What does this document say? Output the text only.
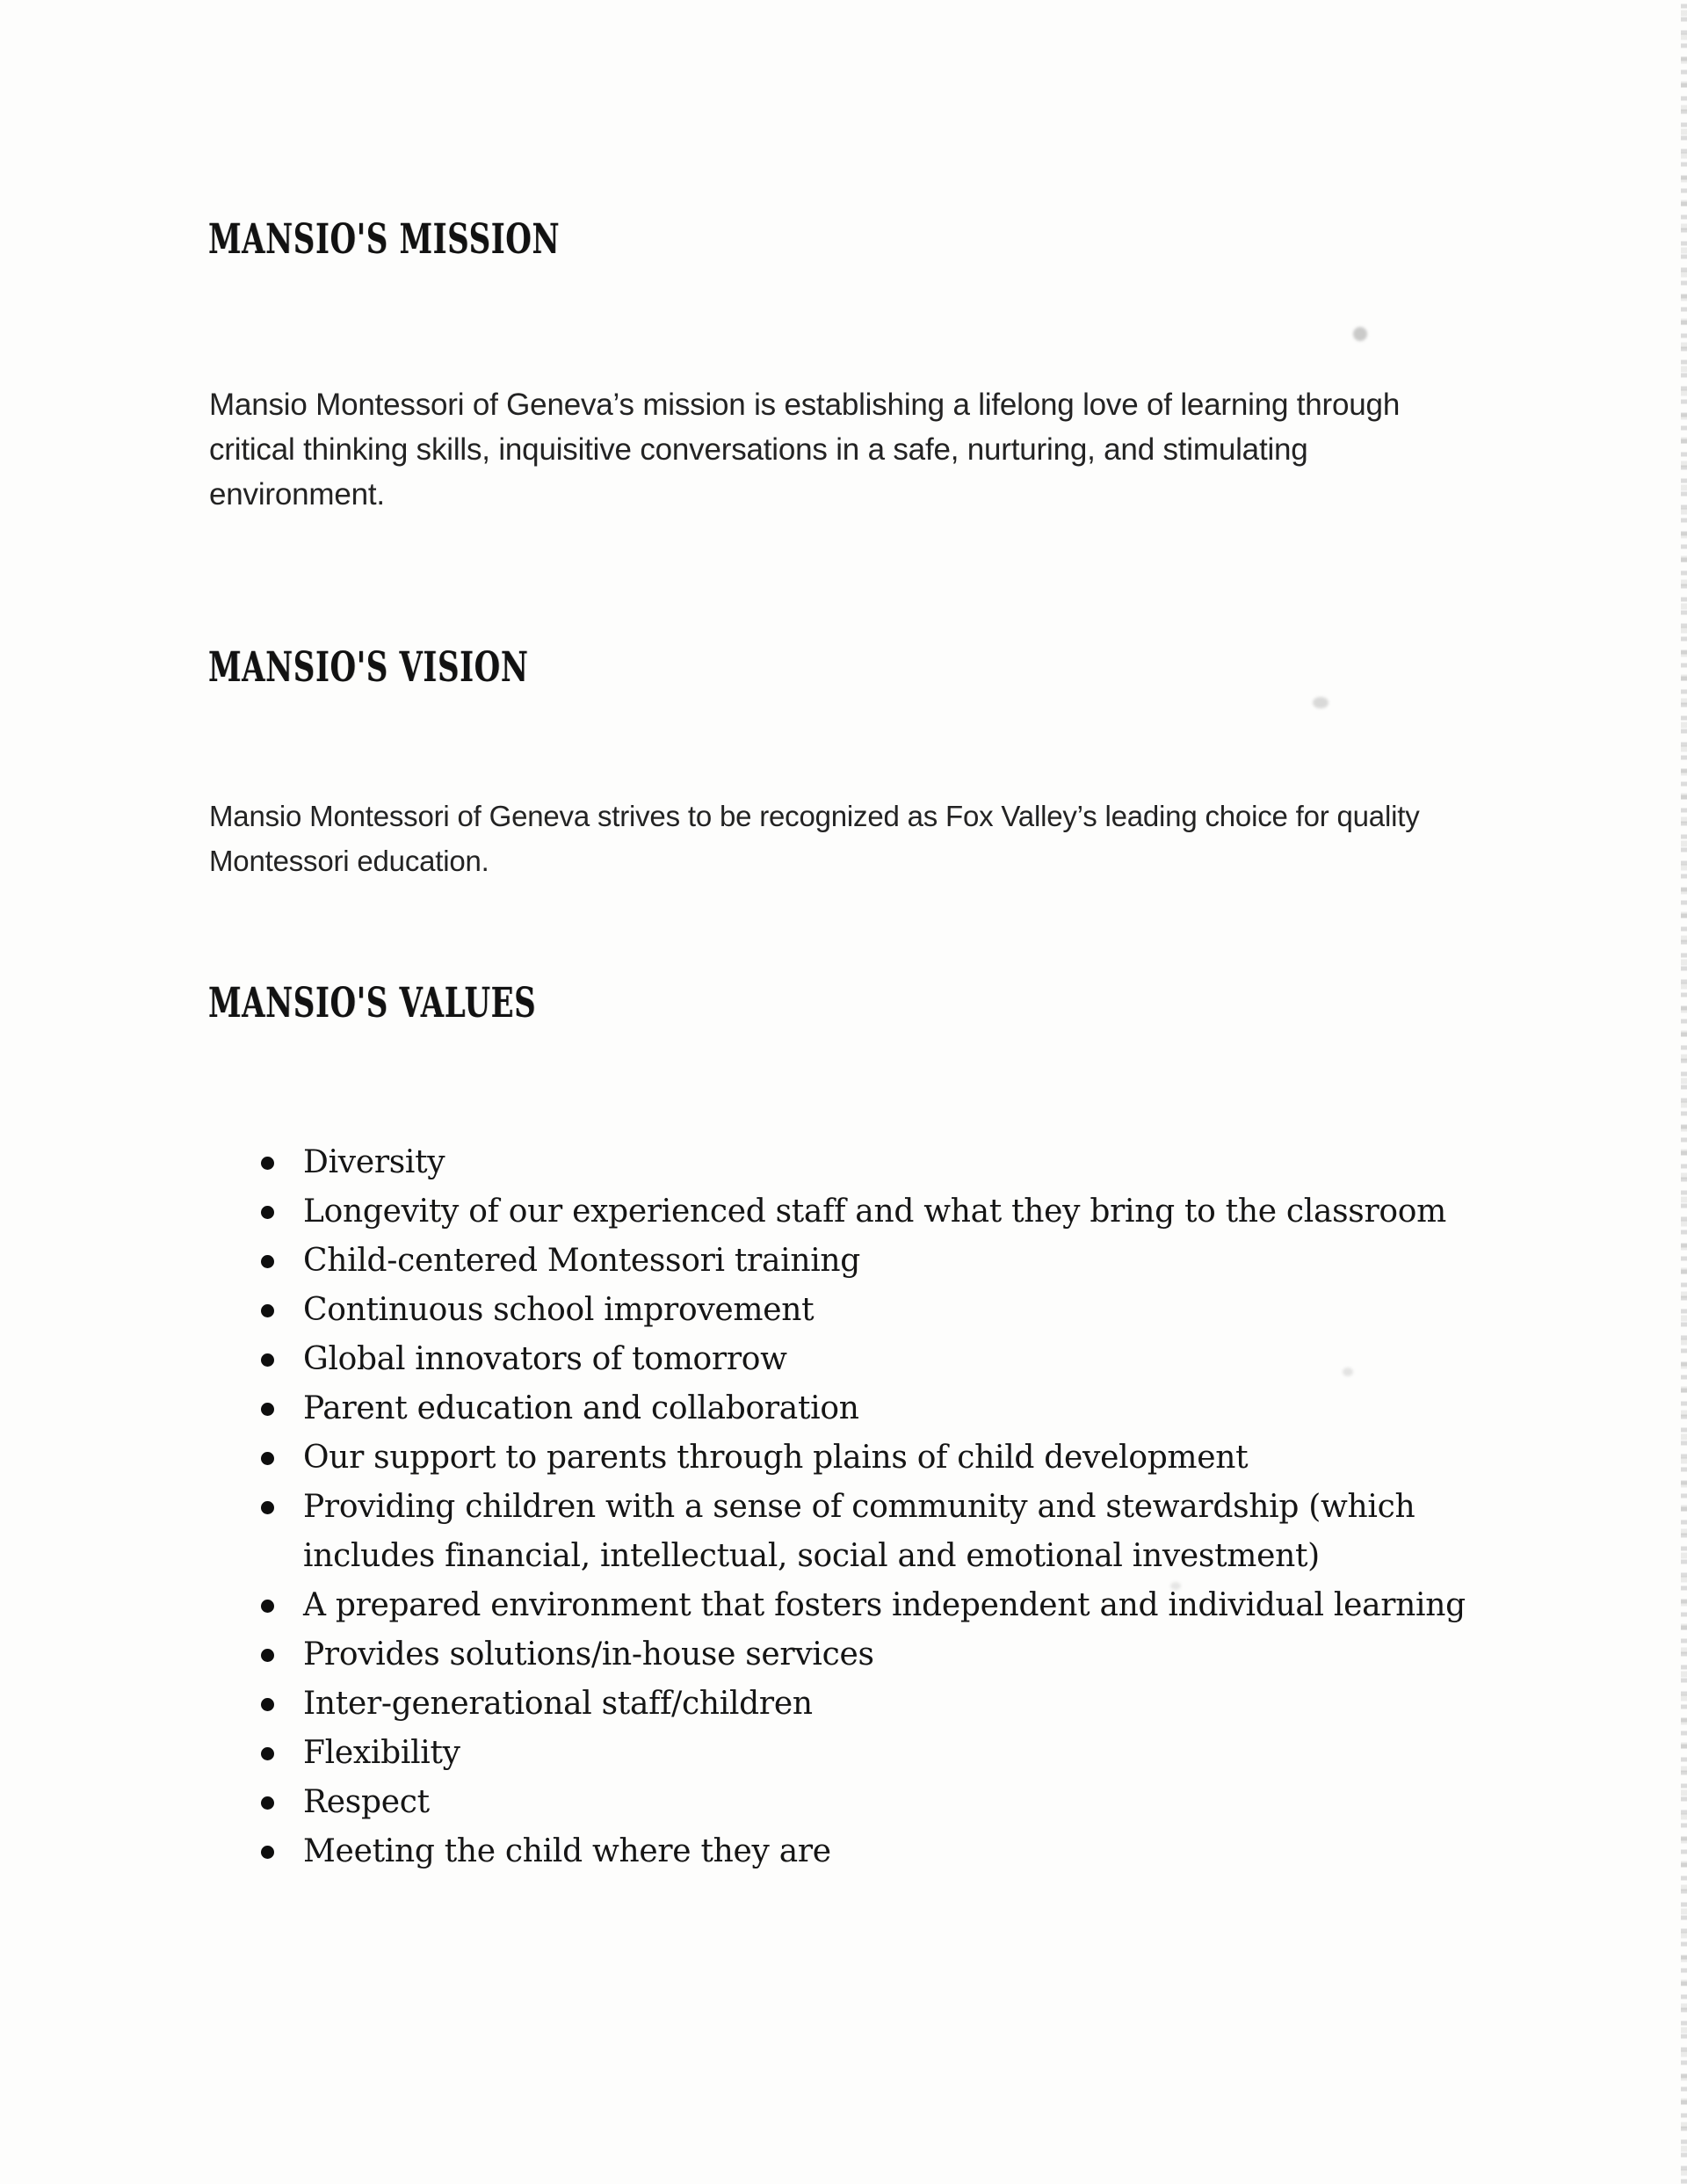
MANSIO'S MISSION
Mansio Montessori of Geneva’s mission is establishing a lifelong love of learning through
critical thinking skills, inquisitive conversations in a safe, nurturing, and stimulating
environment.
MANSIO'S VISION
Mansio Montessori of Geneva strives to be recognized as Fox Valley’s leading choice for quality
Montessori education.
MANSIO'S VALUES
Diversity
Longevity of our experienced staff and what they bring to the classroom
Child-centered Montessori training
Continuous school improvement
Global innovators of tomorrow
Parent education and collaboration
Our support to parents through plains of child development
Providing children with a sense of community and stewardship (which
includes financial, intellectual, social and emotional investment)
A prepared environment that fosters independent and individual learning
Provides solutions/in-house services
Inter-generational staff/children
Flexibility
Respect
Meeting the child where they are
